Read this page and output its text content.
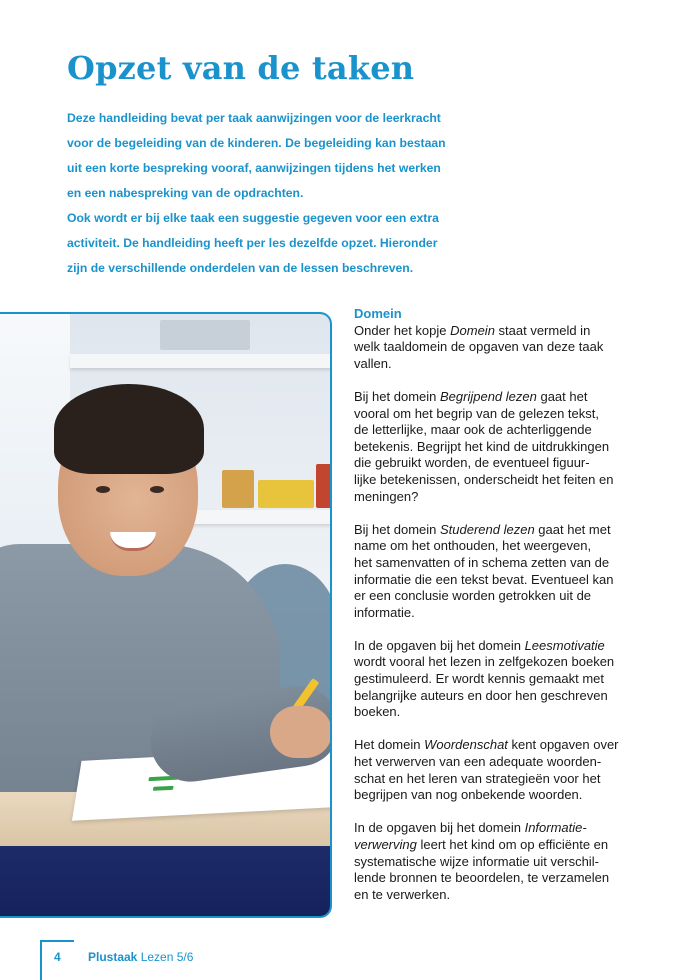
Opzet van de taken
Deze handleiding bevat per taak aanwijzingen voor de leerkracht
voor de begeleiding van de kinderen. De begeleiding kan bestaan
uit een korte bespreking vooraf, aanwijzingen tijdens het werken
en een nabespreking van de opdrachten.
Ook wordt er bij elke taak een suggestie gegeven voor een extra
activiteit. De handleiding heeft per les dezelfde opzet. Hieronder
zijn de verschillende onderdelen van de lessen beschreven.
Domein
Onder het kopje Domein staat vermeld in
welk taaldomein de opgaven van deze taak
vallen.
Bij het domein Begrijpend lezen gaat het
vooral om het begrip van de gelezen tekst,
de letterlijke, maar ook de achterliggende
betekenis. Begrijpt het kind de uitdrukkingen
die gebruikt worden, de eventueel figuur-
lijke betekenissen, onderscheidt het feiten en
meningen?
Bij het domein Studerend lezen gaat het met
name om het onthouden, het weergeven,
het samenvatten of in schema zetten van de
informatie die een tekst bevat. Eventueel kan
er een conclusie worden getrokken uit de
informatie.
In de opgaven bij het domein Leesmotivatie
wordt vooral het lezen in zelfgekozen boeken
gestimuleerd. Er wordt kennis gemaakt met
belangrijke auteurs en door hen geschreven
boeken.
Het domein Woordenschat kent opgaven over
het verwerven van een adequate woorden-
schat en het leren van strategieën voor het
begrijpen van nog onbekende woorden.
In de opgaven bij het domein Informatie-
verwerving leert het kind om op efficiënte en
systematische wijze informatie uit verschil-
lende bronnen te beoordelen, te verzamelen
en te verwerken.
4 Plustaak Lezen 5/6
